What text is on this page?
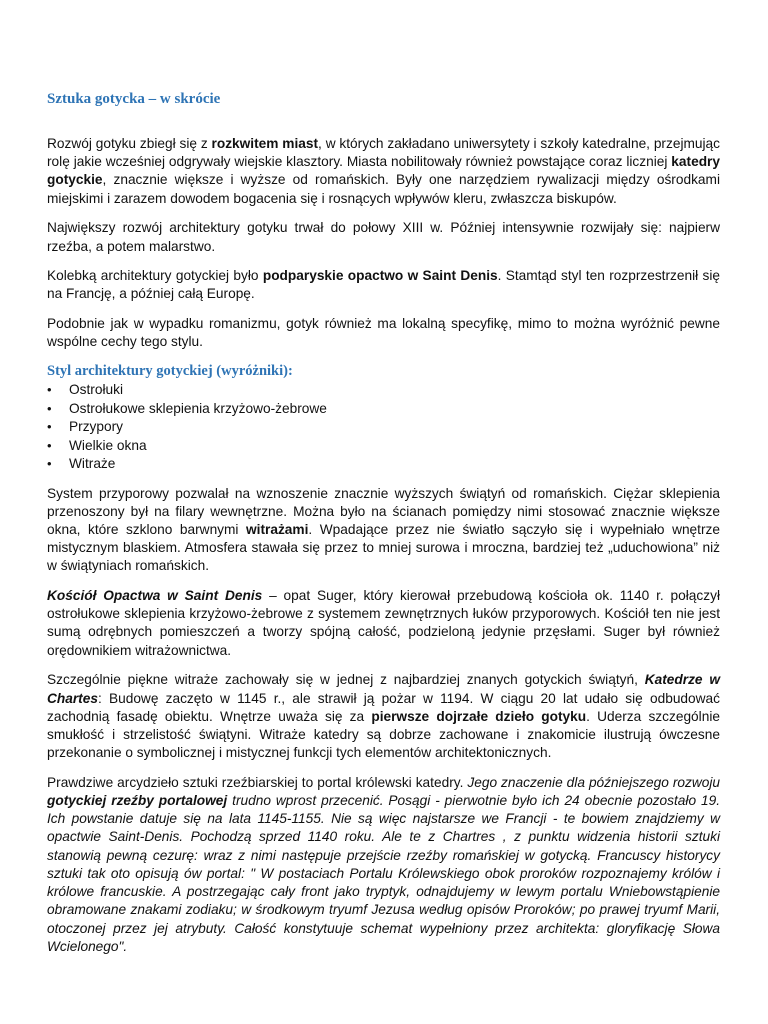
Sztuka gotycka – w skrócie

Rozwój gotyku zbiegł się z rozkwitem miast, w których zakładano uniwersytety i szkoły katedralne, przejmując rolę jakie wcześniej odgrywały wiejskie klasztory. Miasta nobilitowały również powstające coraz liczniej katedry gotyckie, znacznie większe i wyższe od romańskich. Były one narzędziem rywalizacji między ośrodkami miejskimi i zarazem dowodem bogacenia się i rosnących wpływów kleru, zwłaszcza biskupów.

Największy rozwój architektury gotyku trwał do połowy XIII w. Później intensywnie rozwijały się: najpierw rzeźba, a potem malarstwo.

Kolebką architektury gotyckiej było podparyskie opactwo w Saint Denis. Stamtąd styl ten rozprzestrzenił się na Francję, a później całą Europę.

Podobnie jak w wypadku romanizmu, gotyk również ma lokalną specyfikę, mimo to można wyróżnić pewne wspólne cechy tego stylu.

Styl architektury gotyckiej (wyróżniki):
•	Ostrołuki
•	Ostrołukowe sklepienia krzyżowo-żebrowe
•	Przypory
•	Wielkie okna
•	Witraże

System przyporowy pozwalał na wznoszenie znacznie wyższych świątyń od romańskich. Ciężar sklepienia przenoszony był na filary wewnętrzne. Można było na ścianach pomiędzy nimi stosować znacznie większe okna, które szklono barwnymi witrażami. Wpadające przez nie światło sączyło się i wypełniało wnętrze mistycznym blaskiem. Atmosfera stawała się przez to mniej surowa i mroczna, bardziej też „uduchowiona” niż w świątyniach romańskich.

Kościół Opactwa w Saint Denis – opat Suger, który kierował przebudową kościoła ok. 1140 r. połączył ostrołukowe sklepienia krzyżowo-żebrowe z systemem zewnętrznych łuków przyporowych. Kościół ten nie jest sumą odrębnych pomieszczeń a tworzy spójną całość, podzieloną jedynie przęsłami. Suger był również orędownikiem witrażownictwa.

Szczególnie piękne witraże zachowały się w jednej z najbardziej znanych gotyckich świątyń, Katedrze w Chartes: Budowę zaczęto w 1145 r., ale strawił ją pożar w 1194. W ciągu 20 lat udało się odbudować zachodnią fasadę obiektu. Wnętrze uważa się za pierwsze dojrzałe dzieło gotyku. Uderza szczególnie smukłość i strzelistość świątyni. Witraże katedry są dobrze zachowane i znakomicie ilustrują ówczesne przekonanie o symbolicznej i mistycznej funkcji tych elementów architektonicznych.

Prawdziwe arcydzieło sztuki rzeźbiarskiej to portal królewski katedry. Jego znaczenie dla późniejszego rozwoju gotyckiej rzeźby portalowej trudno wprost przecenić. Posągi - pierwotnie było ich 24 obecnie pozostało 19. Ich powstanie datuje się na lata 1145-1155. Nie są więc najstarsze we Francji - te bowiem znajdziemy w opactwie Saint-Denis. Pochodzą sprzed 1140 roku. Ale te z Chartres , z punktu widzenia historii sztuki stanowią pewną cezurę: wraz z nimi następuje przejście rzeźby romańskiej w gotycką. Francuscy historycy sztuki tak oto opisują ów portal: " W postaciach Portalu Królewskiego obok proroków rozpoznajemy królów i królowe francuskie. A postrzegając cały front jako tryptyk, odnajdujemy w lewym portalu Wniebowstąpienie obramowane znakami zodiaku; w środkowym tryumf Jezusa według opisów Proroków; po prawej tryumf Marii, otoczonej przez jej atrybuty. Całość konstytuuje schemat wypełniony przez architekta: gloryfikację Słowa Wcielonego".
